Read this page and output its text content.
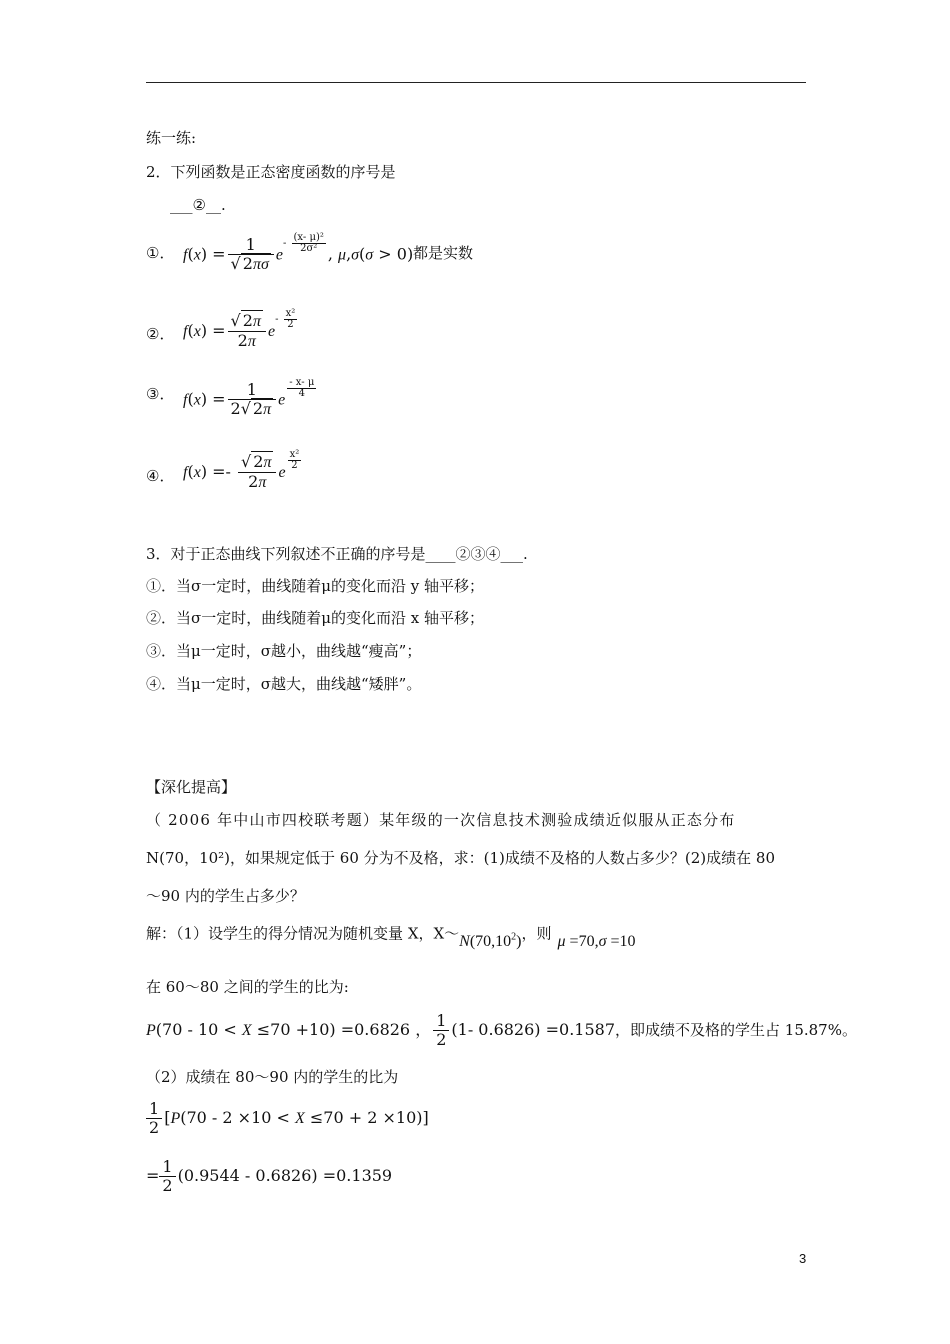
练一练:
2．下列函数是正态密度函数的序号是
___②__.
①． $f(x) = \frac{1}{√ 2\pi\sigma} e^{- \frac{\text{(x- μ)²}}{\text{2σ²}}}$
, μ,σ(σ > 0) 都是实数
②． $f(x) = \frac{√ 2\pi}{2\pi} e^{- \frac{\text{x²}}{2}}$
③． $f(x) = \frac{1}{2√ 2\pi}$ e
$^{\frac{- x- \mu}{4}}$
④． $f(x) =- \frac{√ 2\pi}{2\pi}$ e
$^{\frac{\text{x²}}{2}}$
3．对于正态曲线下列叙述不正确的序号是____②③④___.
①．当σ一定时，曲线随着μ的变化而沿 y 轴平移；
②．当σ一定时，曲线随着μ的变化而沿 x 轴平移；
③．当μ一定时，σ越小，曲线越“瘦高”；
④．当μ一定时，σ越大，曲线越“矮胖”。
【深化提高】
（ 2006 年中山市四校联考题）某年级的一次信息技术测验成绩近似服从正态分布
N(70，10²)，如果规定低于 60 分为不及格，求：(1)成绩不及格的人数占多少？(2)成绩在 80
～90 内的学生占多少？
解：（1）设学生的得分情况为随机变量 X，X～N(70,10$^2$)，则 μ =70,σ =10
在 60～80 之间的学生的比为:
P(70 - 10 < X ≤70 +10) =0.6826 ， $\frac{1}{2} (1-$ 0.6826) =0.1587，即成绩不及格的学生占 15.87%。
（2）成绩在 80～90 内的学生的比为
$\frac{1}{2} [P(70 - 2 \times 10 < X \le 70 + 2 \times 10)]$
= $\frac{1}{2} (0.9544 - 0.6826) =0.1359$
3
